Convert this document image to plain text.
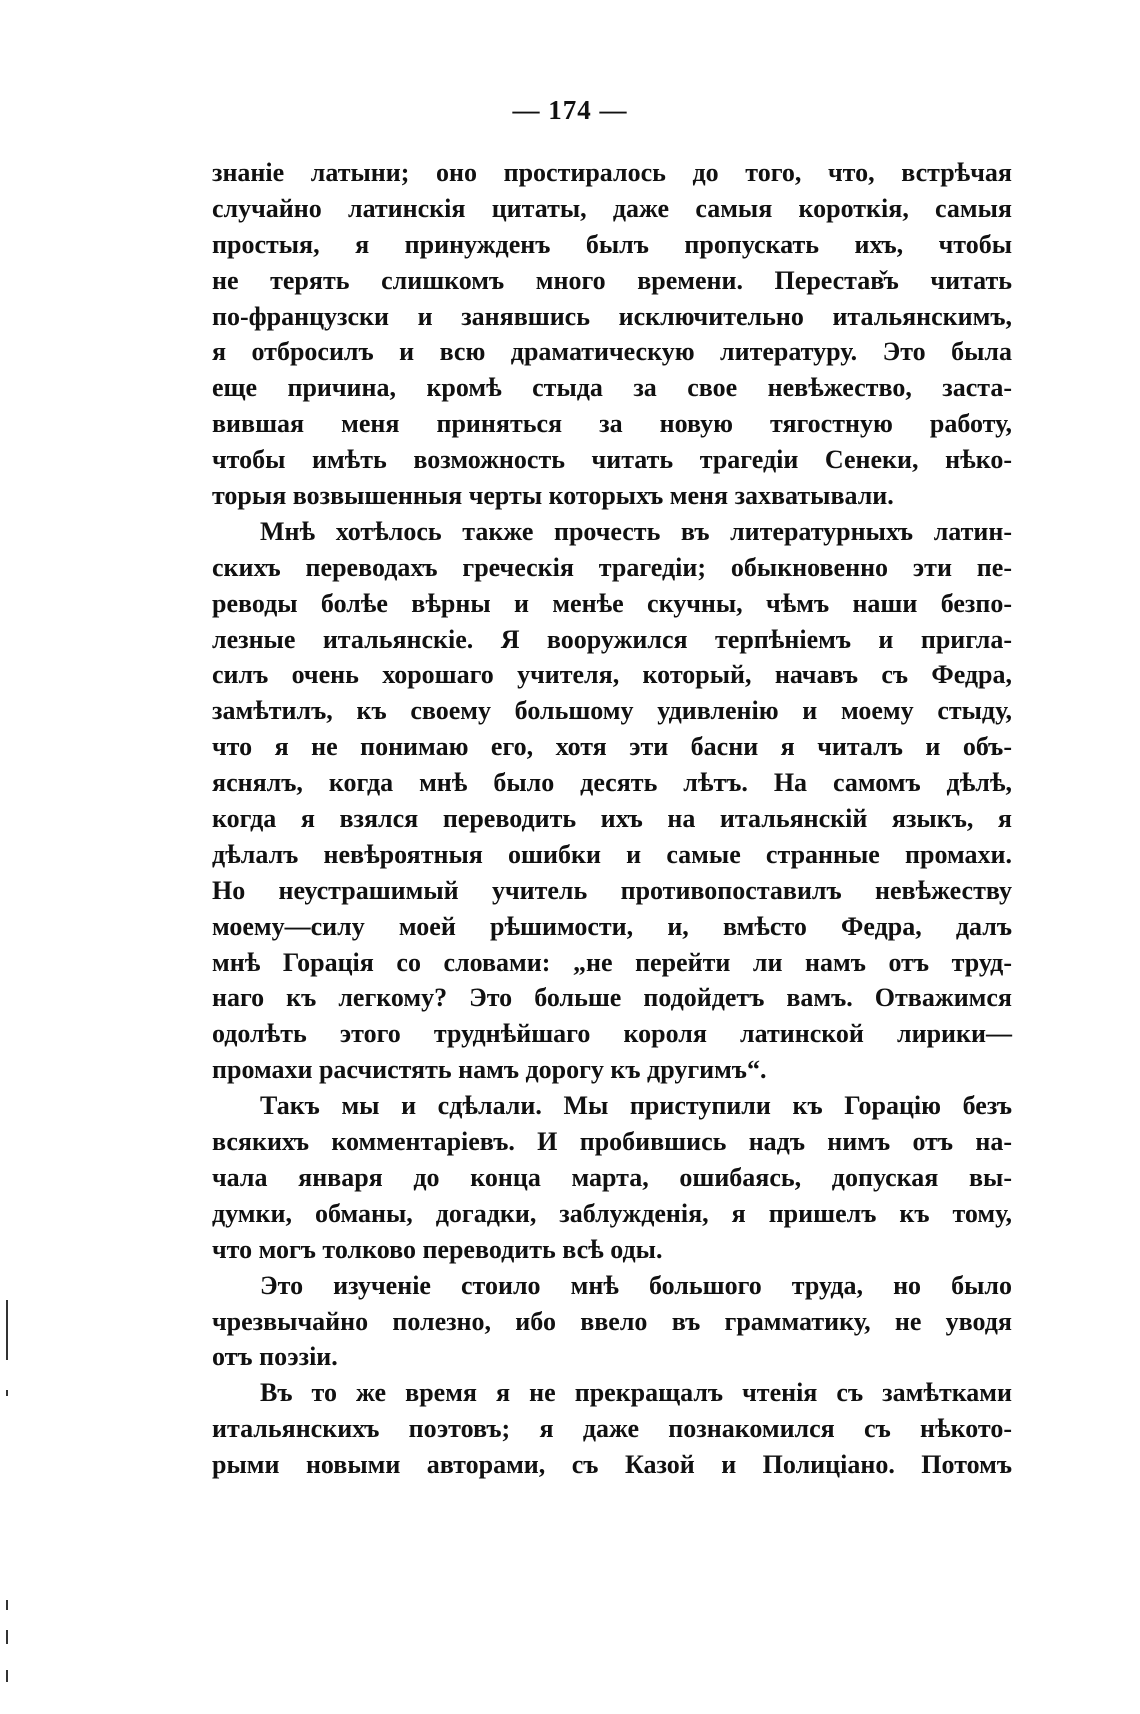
— 174 —
знаніе латыни; оно простиралось до того, что, встрѣчая
случайно латинскія цитаты, даже самыя короткія, самыя
простыя, я принужденъ былъ пропускать ихъ, чтобы
не терять слишкомъ много времени. Перестав̌ъ читать
по-французски и занявшись исключительно итальянскимъ,
я отбросилъ и всю драматическую литературу. Это была
еще причина, кромѣ стыда за свое невѣжество, заста-
вившая меня приняться за новую тягостную работу,
чтобы имѣть возможность читать трагедіи Сенеки, нѣко-
торыя возвышенныя черты которыхъ меня захватывали.
Мнѣ хотѣлось также прочесть въ литературныхъ латин-
скихъ переводахъ греческія трагедіи; обыкновенно эти пе-
реводы болѣе вѣрны и менѣе скучны, чѣмъ наши безпо-
лезные итальянскіе. Я вооружился терпѣніемъ и пригла-
силъ очень хорошаго учителя, который, начавъ съ Федра,
замѣтилъ, къ своему большому удивленію и моему стыду,
что я не понимаю его, хотя эти басни я читалъ и объ-
яснялъ, когда мнѣ было десять лѣтъ. На самомъ дѣлѣ,
когда я взялся переводить ихъ на итальянскій языкъ, я
дѣлалъ невѣроятныя ошибки и самые странные промахи.
Но неустрашимый учитель противопоставилъ невѣжеству
моему—силу моей рѣшимости, и, вмѣсто Федра, далъ
мнѣ Горація со словами: „не перейти ли намъ отъ труд-
наго къ легкому? Это больше подойдетъ вамъ. Отважимся
одолѣть этого труднѣйшаго короля латинской лирики—
промахи расчистять намъ дорогу къ другимъ“.
Такъ мы и сдѣлали. Мы приступили къ Горацію безъ
всякихъ комментаріевъ. И пробившись надъ нимъ отъ на-
чала января до конца марта, ошибаясь, допуская вы-
думки, обманы, догадки, заблужденія, я пришелъ къ тому,
что могъ толково переводить всѣ оды.
Это изученіе стоило мнѣ большого труда, но было
чрезвычайно полезно, ибо ввело въ грамматику, не уводя
отъ поэзіи.
Въ то же время я не прекращалъ чтенія съ замѣтками
итальянскихъ поэтовъ; я даже познакомился съ нѣкото-
рыми новыми авторами, съ Казой и Полиціано. Потомъ
